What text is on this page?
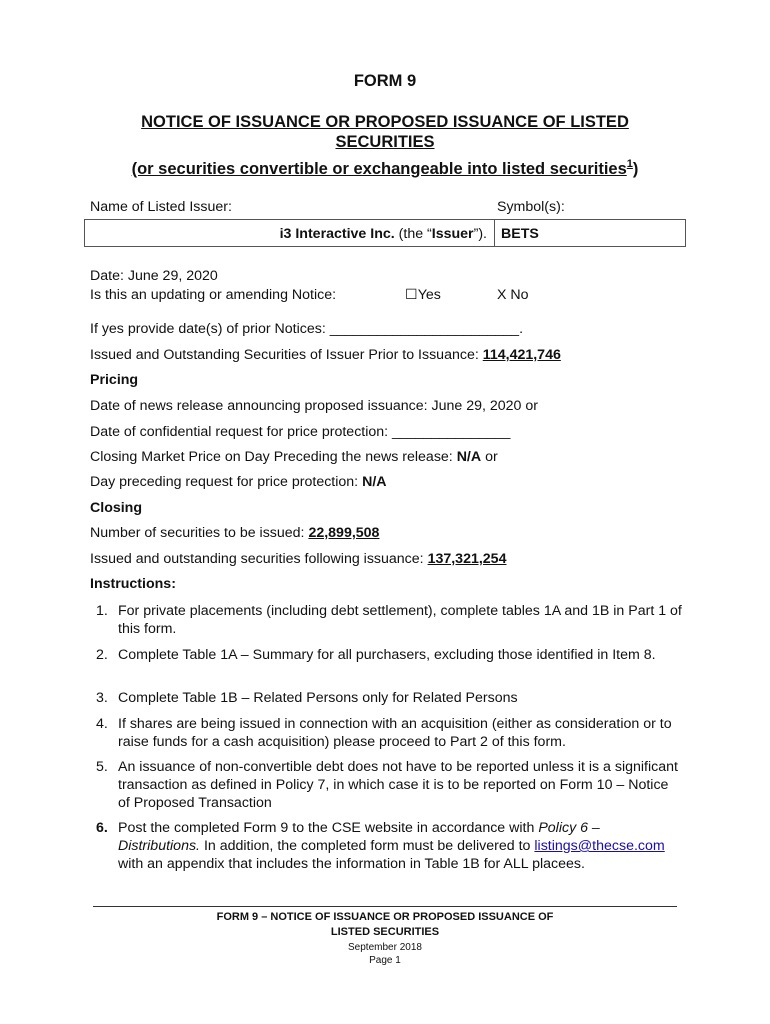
FORM 9
NOTICE OF ISSUANCE OR PROPOSED ISSUANCE OF LISTED
SECURITIES
(or securities convertible or exchangeable into listed securities$^1$)
Name of Listed Issuer:	Symbol(s):
i3 Interactive Inc. (the “Issuer”). BETS
Date: June 29, 2020
Is this an updating or amending Notice:	☐Yes	X No
If yes provide date(s) of prior Notices: ________________________.
Issued and Outstanding Securities of Issuer Prior to Issuance: 114,421,746
Pricing
Date of news release announcing proposed issuance: June 29, 2020 or
Date of confidential request for price protection: _______________
Closing Market Price on Day Preceding the news release: N/A or
Day preceding request for price protection: N/A
Closing
Number of securities to be issued: 22,899,508
Issued and outstanding securities following issuance: 137,321,254
Instructions:
1. For private placements (including debt settlement), complete tables 1A and 1B in Part 1 of this form.
2. Complete Table 1A – Summary for all purchasers, excluding those identified in Item 8.
3. Complete Table 1B – Related Persons only for Related Persons
4. If shares are being issued in connection with an acquisition (either as consideration or to raise funds for a cash acquisition) please proceed to Part 2 of this form.
5. An issuance of non-convertible debt does not have to be reported unless it is a significant transaction as defined in Policy 7, in which case it is to be reported on Form 10 – Notice of Proposed Transaction
6. Post the completed Form 9 to the CSE website in accordance with Policy 6 – Distributions. In addition, the completed form must be delivered to listings@thecse.com with an appendix that includes the information in Table 1B for ALL placees.
FORM 9 – NOTICE OF ISSUANCE OR PROPOSED ISSUANCE OF
LISTED SECURITIES
September 2018
Page 1
